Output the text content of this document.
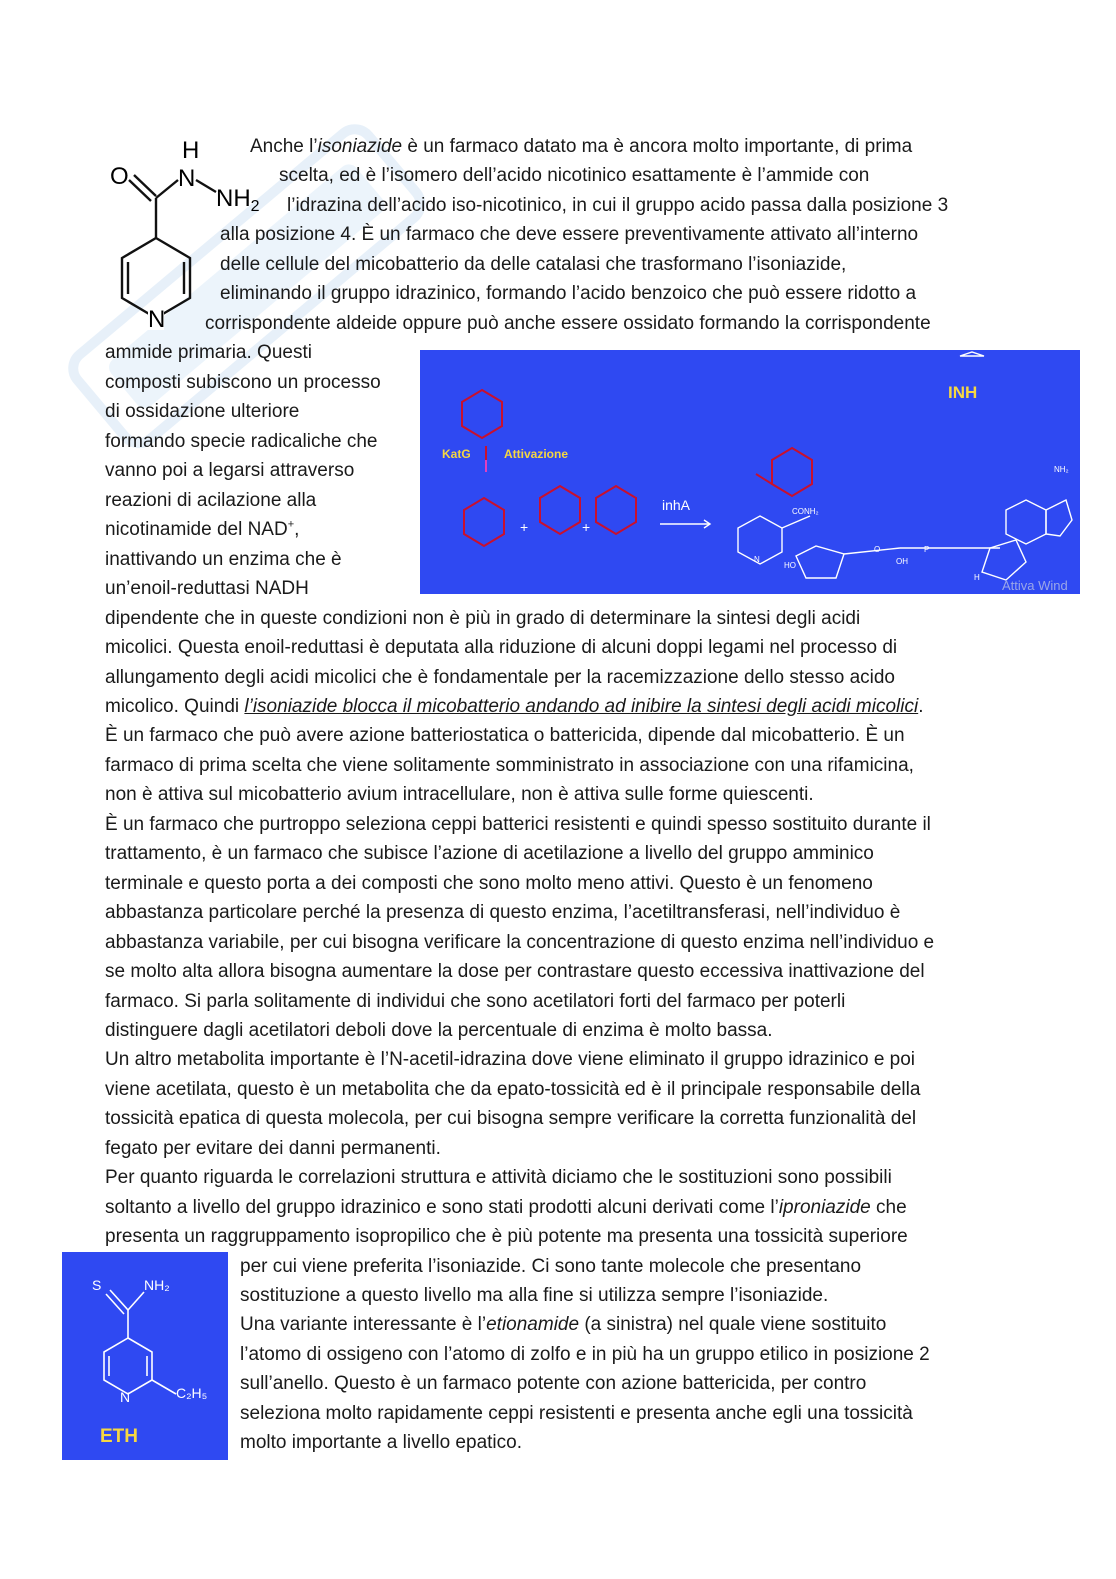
H
O N
$NH_2$
N
Anche l’isoniazide è un farmaco datato ma è ancora molto importante, di prima
scelta, ed è l’isomero dell’acido nicotinico esattamente è l’ammide con
l’idrazina dell’acido iso-nicotinico, in cui il gruppo acido passa dalla posizione 3
alla posizione 4. È un farmaco che deve essere preventivamente attivato all’interno
delle cellule del micobatterio da delle catalasi che trasformano l’isoniazide,
eliminando il gruppo idrazinico, formando l’acido benzoico che può essere ridotto a
corrispondente aldeide oppure può anche essere ossidato formando la corrispondente
ammide primaria. Questi
composti subiscono un processo
di ossidazione ulteriore
formando specie radicaliche che
vanno poi a legarsi attraverso
reazioni di acilazione alla
nicotinamide del NAD+,
inattivando un enzima che è
un’enoil-reduttasi NADH
dipendente che in queste condizioni non è più in grado di determinare la sintesi degli acidi
micolici. Questa enoil-reduttasi è deputata alla riduzione di alcuni doppi legami nel processo di
allungamento degli acidi micolici che è fondamentale per la racemizzazione dello stesso acido
micolico. Quindi l’isoniazide blocca il micobatterio andando ad inibire la sintesi degli acidi micolici.
È un farmaco che può avere azione batteriostatica o battericida, dipende dal micobatterio. È un
farmaco di prima scelta che viene solitamente somministrato in associazione con una rifamicina,
non è attiva sul micobatterio avium intracellulare, non è attiva sulle forme quiescenti.
INH
KatG	Attivazione
+	+
inhA	CONH₂
NH₂
N
O
OH
HO
P
H
Attiva Wind
È un farmaco che purtroppo seleziona ceppi batterici resistenti e quindi spesso sostituito durante il
trattamento, è un farmaco che subisce l’azione di acetilazione a livello del gruppo amminico
terminale e questo porta a dei composti che sono molto meno attivi. Questo è un fenomeno
abbastanza particolare perché la presenza di questo enzima, l’acetiltransferasi, nell’individuo è
abbastanza variabile, per cui bisogna verificare la concentrazione di questo enzima nell’individuo e
se molto alta allora bisogna aumentare la dose per contrastare questo eccessiva inattivazione del
farmaco. Si parla solitamente di individui che sono acetilatori forti del farmaco per poterli
distinguere dagli acetilatori deboli dove la percentuale di enzima è molto bassa.
Un altro metabolita importante è l’N-acetil-idrazina dove viene eliminato il gruppo idrazinico e poi
viene acetilata, questo è un metabolita che da epato-tossicità ed è il principale responsabile della
tossicità epatica di questa molecola, per cui bisogna sempre verificare la corretta funzionalità del
fegato per evitare dei danni permanenti.
Per quanto riguarda le correlazioni struttura e attività diciamo che le sostituzioni sono possibili
soltanto a livello del gruppo idrazinico e sono stati prodotti alcuni derivati come l’iproniazide che
presenta un raggruppamento isopropilico che è più potente ma presenta una tossicità superiore
per cui viene preferita l’isoniazide. Ci sono tante molecole che presentano
sostituzione a questo livello ma alla fine si utilizza sempre l’isoniazide.
Una variante interessante è l’etionamide (a sinistra) nel quale viene sostituito
l’atomo di ossigeno con l’atomo di zolfo e in più ha un gruppo etilico in posizione 2
sull’anello. Questo è un farmaco potente con azione battericida, per contro
seleziona molto rapidamente ceppi resistenti e presenta anche egli una tossicità
molto importante a livello epatico.
S	NH₂
N	C₂H₅
ETH
